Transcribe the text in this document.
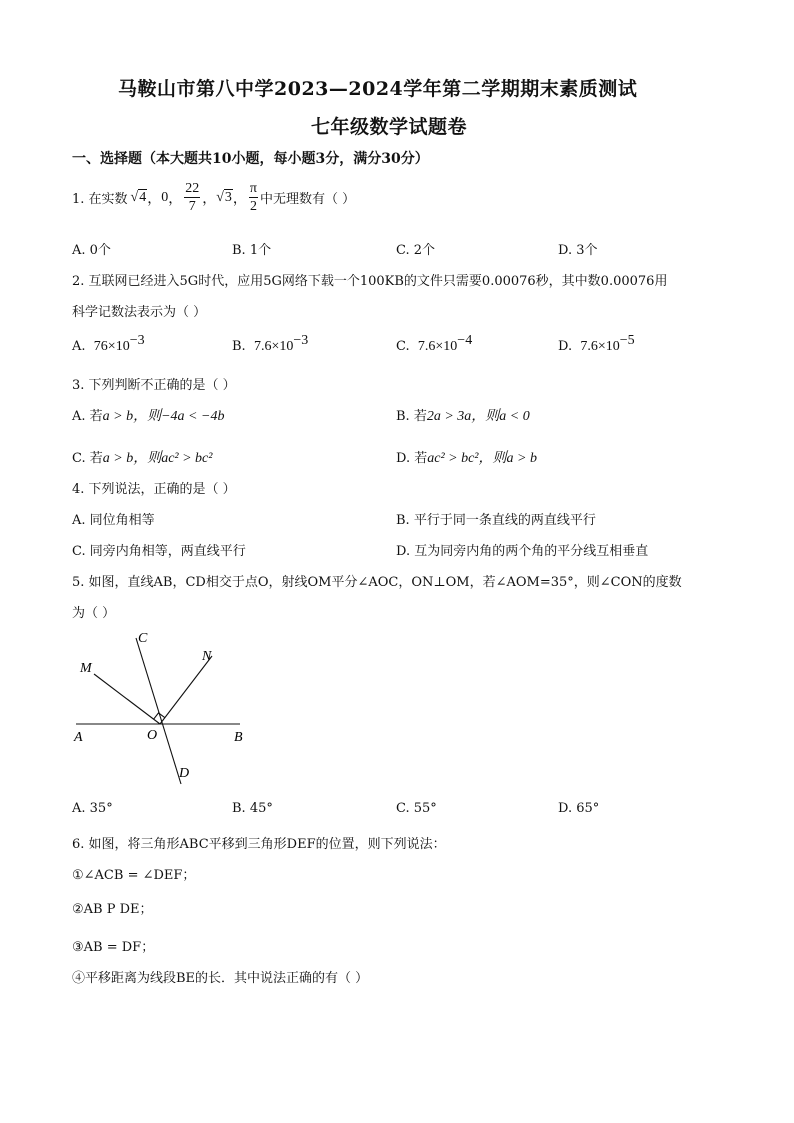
马鞍山市第八中学2023—2024学年第二学期期末素质测试
七年级数学试题卷
一、选择题（本大题共10小题，每小题3分，满分30分）
1. 在实数 √4 ， 0 ， $\frac{22}{7}$ ， √3 ， $\frac{\pi}{2}$ 中无理数有（ ）
A. 0个	B. 1个	C. 2个	D. 3个
2. 互联网已经进入5G时代，应用5G网络下载一个100KB的文件只需要0.00076秒，其中数0.00076用
科学记数法表示为（ ）
A. $76\times 10^{-3}$	B. $7.6\times 10^{-3}$	C. $7.6\times 10^{-4}$	D. $7.6\times 10^{-5}$
3. 下列判断不正确的是（ ）
A. 若a > b，则−4a < −4b	B. 若2a > 3a，则a < 0
C. 若a > b，则ac² > bc²	D. 若ac² > bc²，则a > b
4. 下列说法，正确的是（ ）
A. 同位角相等	B. 平行于同一条直线的两直线平行
C. 同旁内角相等，两直线平行	D. 互为同旁内角的两个角的平分线互相垂直
5. 如图，直线AB，CD相交于点O，射线OM平分∠AOC，ON⊥OM，若∠AOM=35°，则∠CON的度数
为（ ）
M
C
N
A	O	B
D
A. 35°	B. 45°	C. 55°	D. 65°
6. 如图，将三角形ABC平移到三角形DEF的位置，则下列说法：
①∠ACB = ∠DEF；
②AB P DE；
③AB = DF；
④平移距离为线段BE的长．其中说法正确的有（ ）
